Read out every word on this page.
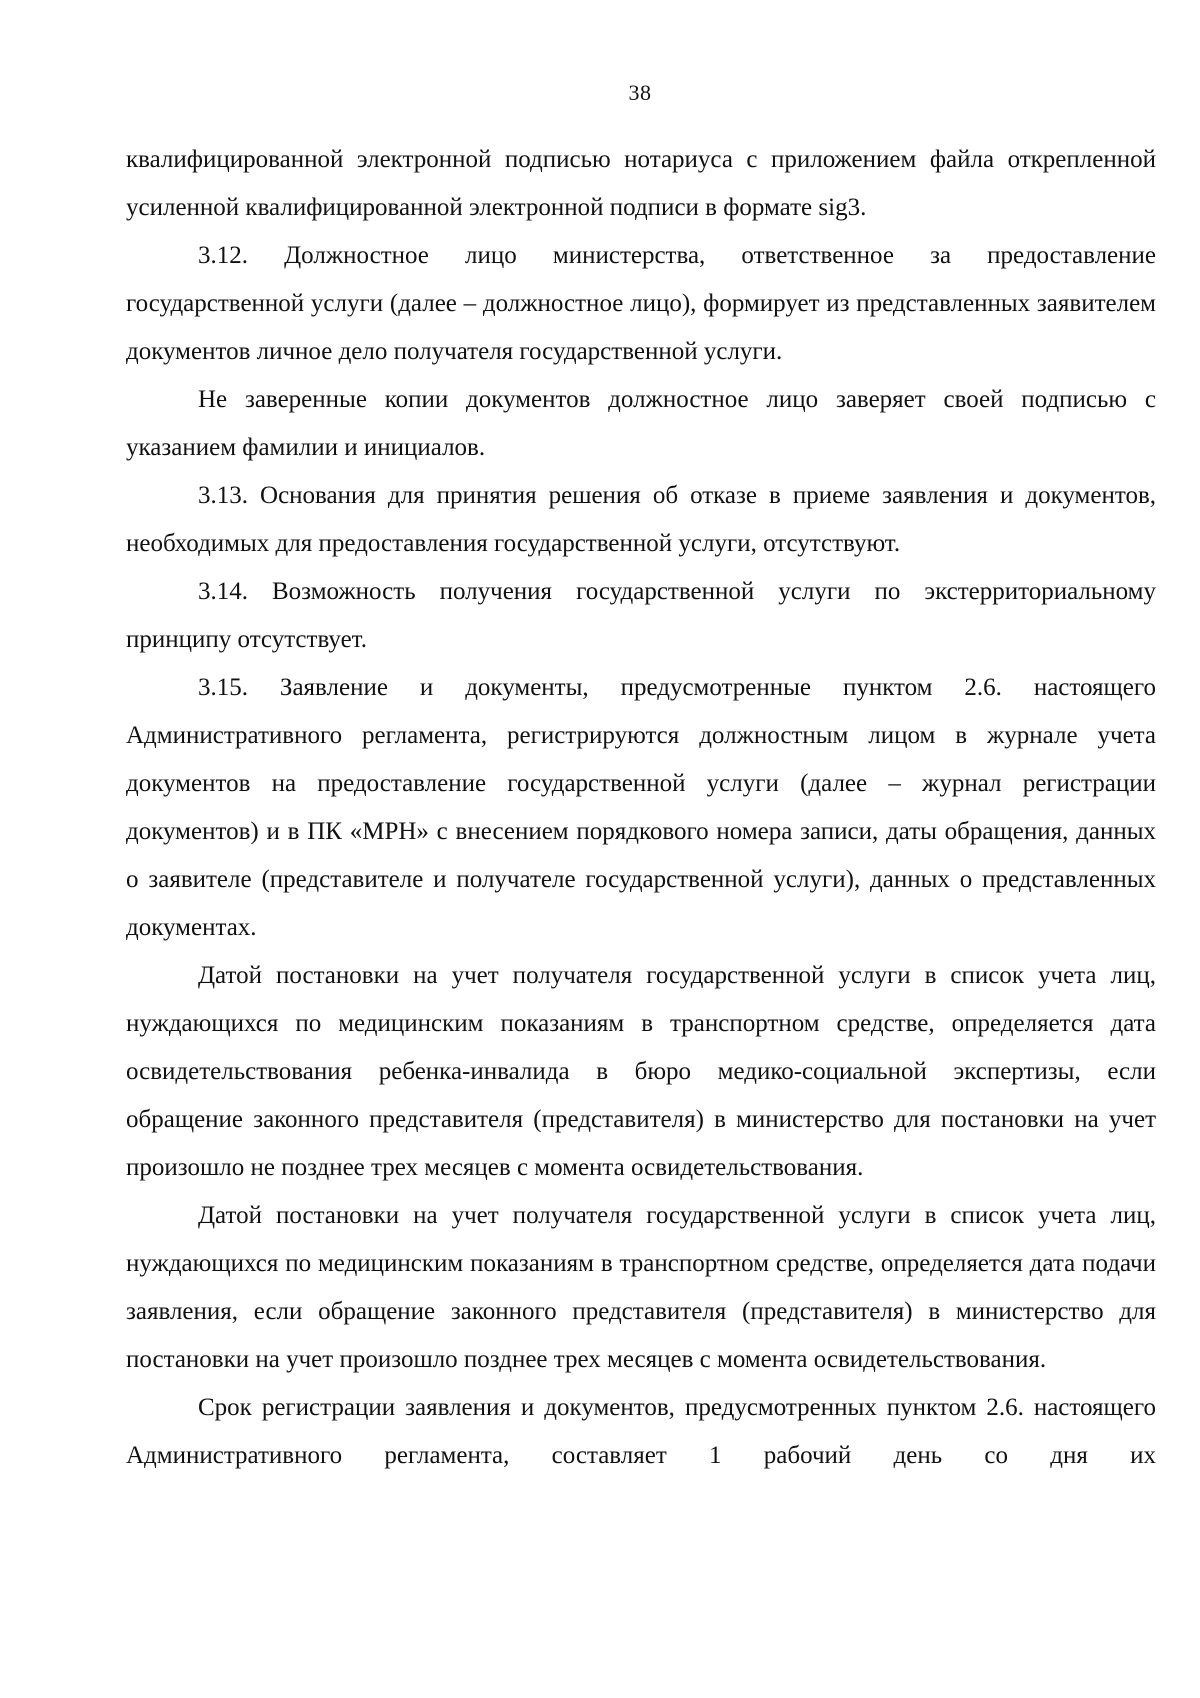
38

квалифицированной электронной подписью нотариуса с приложением файла открепленной усиленной квалифицированной электронной подписи в формате sig3.

3.12. Должностное лицо министерства, ответственное за предоставление государственной услуги (далее – должностное лицо), формирует из представленных заявителем документов личное дело получателя государственной услуги.

Не заверенные копии документов должностное лицо заверяет своей подписью с указанием фамилии и инициалов.

3.13. Основания для принятия решения об отказе в приеме заявления и документов, необходимых для предоставления государственной услуги, отсутствуют.

3.14. Возможность получения государственной услуги по экстерриториальному принципу отсутствует.

3.15. Заявление и документы, предусмотренные пунктом 2.6. настоящего Административного регламента, регистрируются должностным лицом в журнале учета документов на предоставление государственной услуги (далее – журнал регистрации документов) и в ПК «МРН» с внесением порядкового номера записи, даты обращения, данных о заявителе (представителе и получателе государственной услуги), данных о представленных документах.

Датой постановки на учет получателя государственной услуги в список учета лиц, нуждающихся по медицинским показаниям в транспортном средстве, определяется дата освидетельствования ребенка-инвалида в бюро медико-социальной экспертизы, если обращение законного представителя (представителя) в министерство для постановки на учет произошло не позднее трех месяцев с момента освидетельствования.

Датой постановки на учет получателя государственной услуги в список учета лиц, нуждающихся по медицинским показаниям в транспортном средстве, определяется дата подачи заявления, если обращение законного представителя (представителя) в министерство для постановки на учет произошло позднее трех месяцев с момента освидетельствования.

Срок регистрации заявления и документов, предусмотренных пунктом 2.6. настоящего Административного регламента, составляет 1 рабочий день со дня их
